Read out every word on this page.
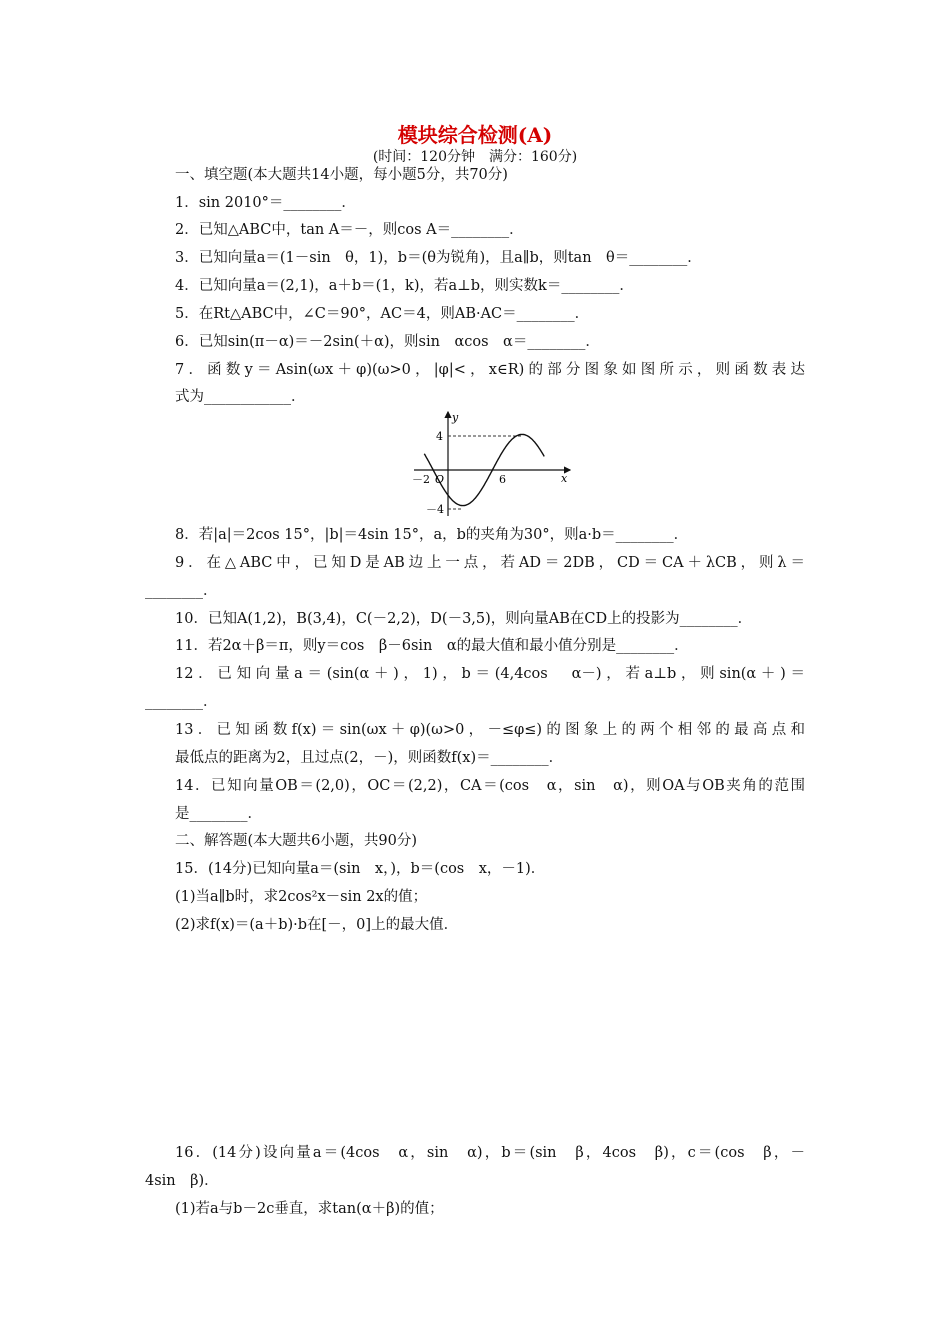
模块综合检测(A)
(时间：120分钟　满分：160分)
一、填空题(本大题共14小题，每小题5分，共70分)
1．sin 2010°＝________．
2．已知△ABC中，tan A＝－，则cos A＝________．
3．已知向量a＝(1－sin　θ，1)，b＝(θ为锐角)，且a∥b，则tan　θ＝________．
4．已知向量a＝(2,1)，a＋b＝(1，k)，若a⊥b，则实数k＝________．
5．在Rt△ABC中，∠C＝90°，AC＝4，则AB·AC＝________．
6．已知sin(π－α)＝－2sin(＋α)，则sin　αcos　α＝________．
7．函数y＝Asin(ωx＋φ)(ω>0，|φ|<，x∈R)的部分图象如图所示，则函数表达
式为____________．
y
x
O
－2	6
4
－4
8．若|a|＝2cos 15°，|b|＝4sin 15°，a，b的夹角为30°，则a·b＝________．
9．在△ABC中，已知D是AB边上一点，若AD＝2DB，CD＝CA＋λCB，则λ＝
________．
10．已知A(1,2)，B(3,4)，C(－2,2)，D(－3,5)，则向量AB在CD上的投影为________．
11．若2α＋β＝π，则y＝cos　β－6sin　α的最大值和最小值分别是________．
12．已知向量a＝(sin(α＋)，1)，b＝(4,4cos　α－)，若a⊥b，则sin(α＋)＝
________．
13．已知函数f(x)＝sin(ωx＋φ)(ω>0，－≤φ≤)的图象上的两个相邻的最高点和
最低点的距离为2，且过点(2，－)，则函数f(x)＝________．
14．已知向量OB＝(2,0)，OC＝(2,2)，CA＝(cos　α，sin　α)，则OA与OB夹角的范围
是________．
二、解答题(本大题共6小题，共90分)
15．(14分)已知向量a＝(sin　x，)，b＝(cos　x，－1)．
(1)当a∥b时，求2cos²x－sin 2x的值；
(2)求f(x)＝(a＋b)·b在[－，0]上的最大值．
16．(14分)设向量a＝(4cos　α，sin　α)，b＝(sin　β，4cos　β)，c＝(cos　β，－
4sin　β)．
(1)若a与b－2c垂直，求tan(α＋β)的值；
